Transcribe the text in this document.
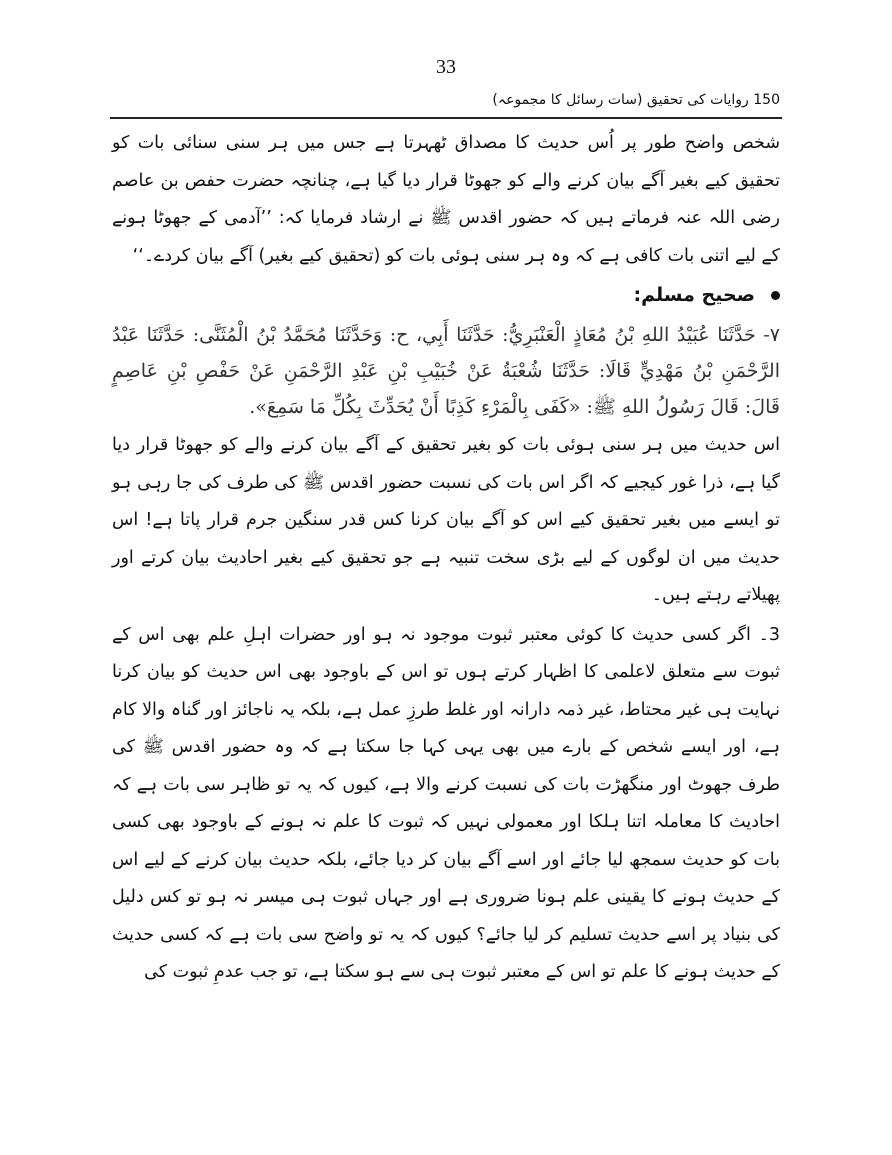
33
150 روایات کی تحقیق (سات رسائل کا مجموعہ)

شخص واضح طور پر اُس حدیث کا مصداق ٹھہرتا ہے جس میں ہر سنی سنائی بات کو تحقیق کیے بغیر آگے بیان کرنے والے کو جھوٹا قرار دیا گیا ہے، چنانچہ حضرت حفص بن عاصم رضی اللہ عنہ فرماتے ہیں کہ حضور اقدس ﷺ نے ارشاد فرمایا کہ: ’’آدمی کے جھوٹا ہونے کے لیے اتنی بات کافی ہے کہ وہ ہر سنی ہوئی بات کو (تحقیق کیے بغیر) آگے بیان کردے۔‘‘

صحیح مسلم:

٧- حَدَّثَنَا عُبَيْدُ اللهِ بْنُ مُعَاذٍ الْعَنْبَرِيُّ: حَدَّثَنَا أَبِي، ح: وَحَدَّثَنَا مُحَمَّدُ بْنُ الْمُثَنَّى: حَدَّثَنَا عَبْدُ الرَّحْمَنِ بْنُ مَهْدِيٍّ قَالَا: حَدَّثَنَا شُعْبَةُ عَنْ خُبَيْبِ بْنِ عَبْدِ الرَّحْمَنِ عَنْ حَفْصِ بْنِ عَاصِمٍ قَالَ: قَالَ رَسُولُ اللهِ ﷺ: «كَفَى بِالْمَرْءِ كَذِبًا أَنْ يُحَدِّثَ بِكُلِّ مَا سَمِعَ».

اس حدیث میں ہر سنی ہوئی بات کو بغیر تحقیق کے آگے بیان کرنے والے کو جھوٹا قرار دیا گیا ہے، ذرا غور کیجیے کہ اگر اس بات کی نسبت حضور اقدس ﷺ کی طرف کی جا رہی ہو تو ایسے میں بغیر تحقیق کیے اس کو آگے بیان کرنا کس قدر سنگین جرم قرار پاتا ہے! اس حدیث میں ان لوگوں کے لیے بڑی سخت تنبیہ ہے جو تحقیق کیے بغیر احادیث بیان کرتے اور پھیلاتے رہتے ہیں۔

3۔ اگر کسی حدیث کا کوئی معتبر ثبوت موجود نہ ہو اور حضرات اہلِ علم بھی اس کے ثبوت سے متعلق لاعلمی کا اظہار کرتے ہوں تو اس کے باوجود بھی اس حدیث کو بیان کرنا نہایت ہی غیر محتاط، غیر ذمہ دارانہ اور غلط طرزِ عمل ہے، بلکہ یہ ناجائز اور گناہ والا کام ہے، اور ایسے شخص کے بارے میں بھی یہی کہا جا سکتا ہے کہ وہ حضور اقدس ﷺ کی طرف جھوٹ اور منگھڑت بات کی نسبت کرنے والا ہے، کیوں کہ یہ تو ظاہر سی بات ہے کہ احادیث کا معاملہ اتنا ہلکا اور معمولی نہیں کہ ثبوت کا علم نہ ہونے کے باوجود بھی کسی بات کو حدیث سمجھ لیا جائے اور اسے آگے بیان کر دیا جائے، بلکہ حدیث بیان کرنے کے لیے اس کے حدیث ہونے کا یقینی علم ہونا ضروری ہے اور جہاں ثبوت ہی میسر نہ ہو تو کس دلیل کی بنیاد پر اسے حدیث تسلیم کر لیا جائے؟ کیوں کہ یہ تو واضح سی بات ہے کہ کسی حدیث کے حدیث ہونے کا علم تو اس کے معتبر ثبوت ہی سے ہو سکتا ہے، تو جب عدمِ ثبوت کی
